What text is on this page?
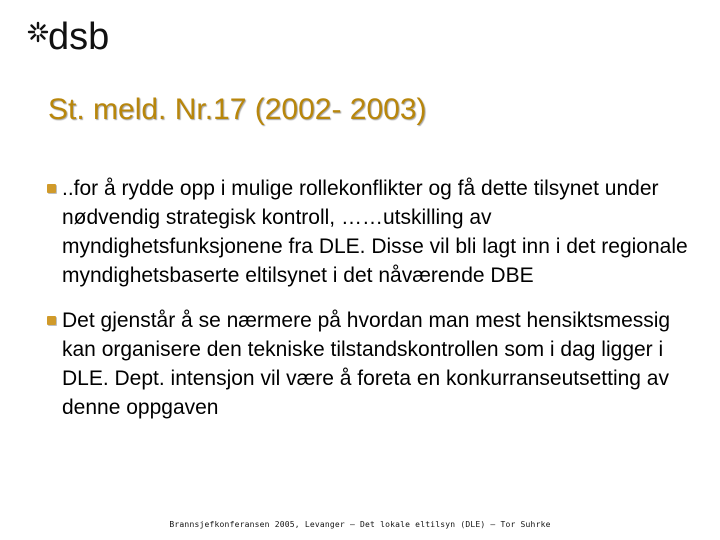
dsb
St. meld. Nr.17 (2002- 2003)
..for å rydde opp i mulige rollekonflikter og få dette tilsynet under nødvendig strategisk kontroll, ……utskilling av myndighetsfunksjonene fra DLE. Disse vil bli lagt inn i det regionale myndighetsbaserte eltilsynet i det nåværende DBE
Det gjenstår å se nærmere på hvordan man mest hensiktsmessig kan organisere den tekniske tilstandskontrollen som i dag ligger i DLE. Dept. intensjon vil være å foreta en konkurranseutsetting av denne oppgaven
Brannsjefkonferansen 2005, Levanger – Det lokale eltilsyn (DLE) – Tor Suhrke
